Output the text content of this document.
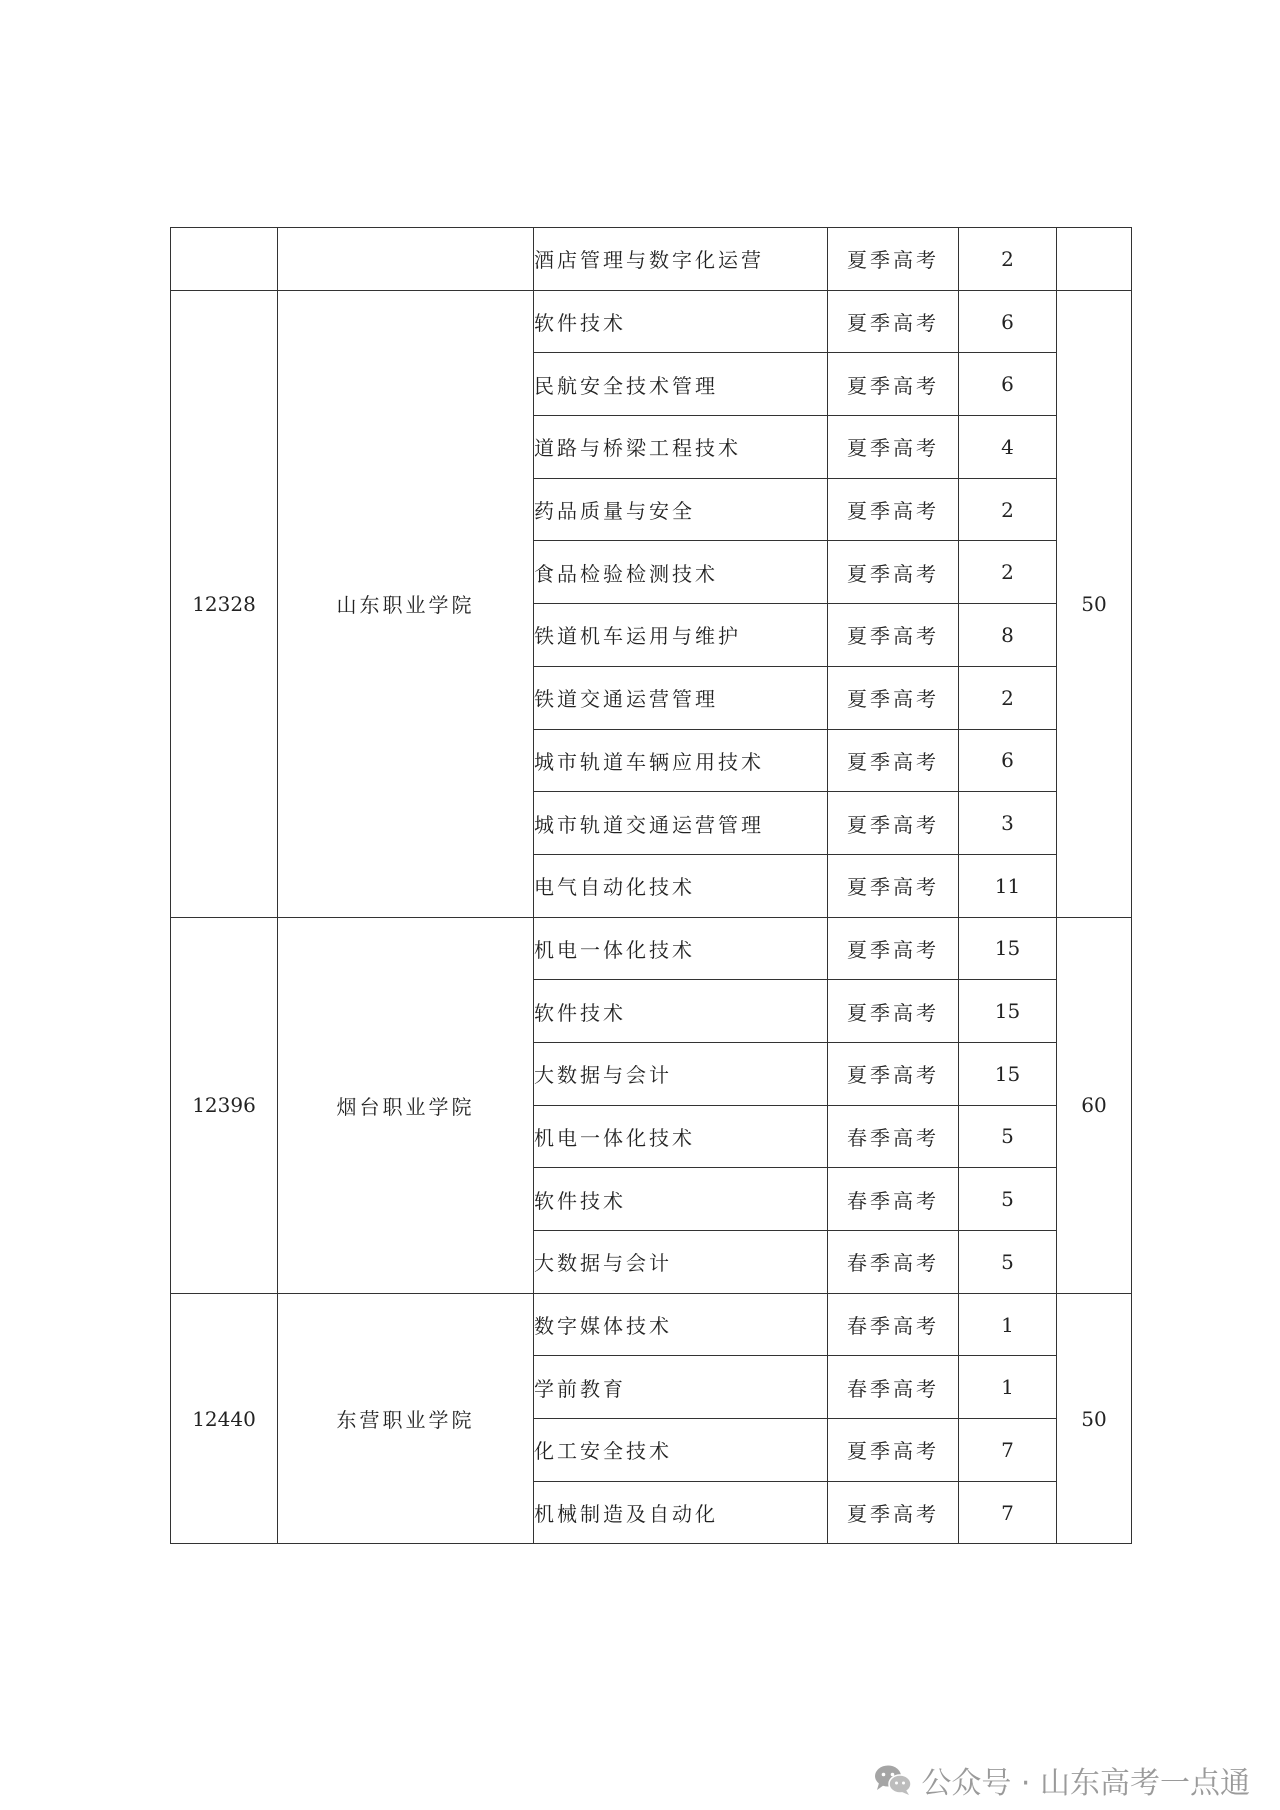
		酒店管理与数字化运营	夏季高考	2	
12328	山东职业学院	软件技术	夏季高考	6	50
		民航安全技术管理	夏季高考	6	
		道路与桥梁工程技术	夏季高考	4	
		药品质量与安全	夏季高考	2	
		食品检验检测技术	夏季高考	2	
		铁道机车运用与维护	夏季高考	8	
		铁道交通运营管理	夏季高考	2	
		城市轨道车辆应用技术	夏季高考	6	
		城市轨道交通运营管理	夏季高考	3	
		电气自动化技术	夏季高考	11	
12396	烟台职业学院	机电一体化技术	夏季高考	15	60
		软件技术	夏季高考	15	
		大数据与会计	夏季高考	15	
		机电一体化技术	春季高考	5	
		软件技术	春季高考	5	
		大数据与会计	春季高考	5	
12440	东营职业学院	数字媒体技术	春季高考	1	50
		学前教育	春季高考	1	
		化工安全技术	夏季高考	7	
		机械制造及自动化	夏季高考	7	
公众号 · 山东高考一点通
